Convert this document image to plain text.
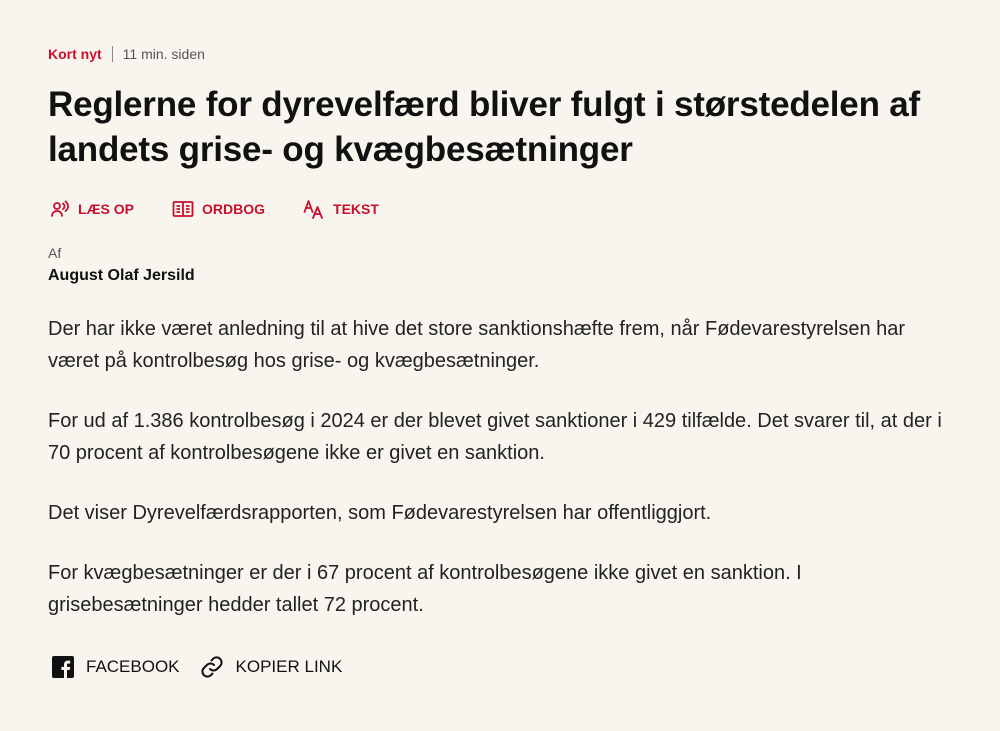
Kort nyt 11 min. siden
Reglerne for dyrevelfærd bliver fulgt i størstedelen af landets grise- og kvægbesætninger
LÆS OP	ORDBOG	TEKST
Af
August Olaf Jersild

Der har ikke været anledning til at hive det store sanktionshæfte frem, når Fødevarestyrelsen har været på kontrolbesøg hos grise- og kvægbesætninger.

For ud af 1.386 kontrolbesøg i 2024 er der blevet givet sanktioner i 429 tilfælde. Det svarer til, at der i 70 procent af kontrolbesøgene ikke er givet en sanktion.

Det viser Dyrevelfærdsrapporten, som Fødevarestyrelsen har offentliggjort.

For kvægbesætninger er der i 67 procent af kontrolbesøgene ikke givet en sanktion. I grisebesætninger hedder tallet 72 procent.

FACEBOOK	KOPIER LINK
